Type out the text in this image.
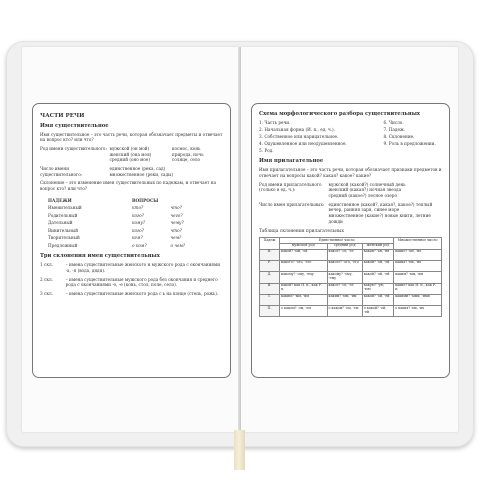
ЧАСТИ РЕЧИ
Имя существительное
Имя существительное – это часть речи, которая обозначает предметы и отвечает на вопрос кто? или что?
Род имени существительного: мужской (он мой)	космос, конь
женский (она моя)	природа, ночь
средний (оно мое)	солнце, село
Число имени существительного:
единственное (река, сад)
множественное (реки, сады)
Склонение – это изменение имен существительных по падежам, и отвечает на вопрос кто? или что?
ПАДЕЖИ	ВОПРОСЫ
Именительный	кто?	что?
Родительный	кого?	чего?
Дательный	кому?	чему?
Винительный	кого?	что?
Творительный	кем?	чем?
Предложный	о ком?	о чем?
Три склонения имен существительных
1 скл.	– имена существительные женского и мужского рода с окончаниями -а, -я (вода, дядя).
2 скл.	– имена существительные мужского рода без окончания и среднего рода с окончаниями -о, -е (конь, стол, поле, село).
3 скл.	– имена существительные женского рода с ь на конце (степь, рожь).
Схема морфологического разбора существительных
1. Часть речи.
2. Начальная форма (И. п., ед. ч.).
3. Собственное или нарицательное.
4. Одушевленное или неодушевленное.
5. Род.
6. Число.
7. Падеж.
8. Склонение.
9. Роль в предложении.
Имя прилагательное
Имя прилагательное – это часть речи, которая обозначает признаки предметов и отвечает на вопросы какой? какая? какое? какие?
Род имени прилагательного (только в ед. ч.):
мужской (какой?) солнечный день
женский (какая?) ночная звезда
средний (какое?) лесное озеро
Число имен прилагательных:	единственное (какой?, какая?, какое?) теплый вечер, ранняя заря, синее море
множественное (какие?) новые книги, летние дожди
Таблица склонения прилагательных
Падеж	Единственное число			Множественное число
	мужской род	средний род	женский род	
И.	какой? -ый, -ой	какое? -ое, -ее	какая? -ая, -яя	какие? -ые, -ие
Р.	какого? -ого, -его	какого? -ого, -его	какой? -ой, -ей	каких? -ых, -их
Д.	какому? -ому, -ему	какому? -ому, -ему	какой? -ой, -ей	каким? -ым, -им
В.	какой? как И. п., как Р. п.	какое? -ое, -ее	какую? -ую, -юю	какие? как И. п., как Р. п.
Т.	каким? -ым, -им	каким? -ым, -им	какой? -ой, -ей	какими? -ыми, -ими
П.	о каком? -ом, -ем	о каком? -ом, -ем	о какой? -ой, -ей	о каких? -ых, -их
